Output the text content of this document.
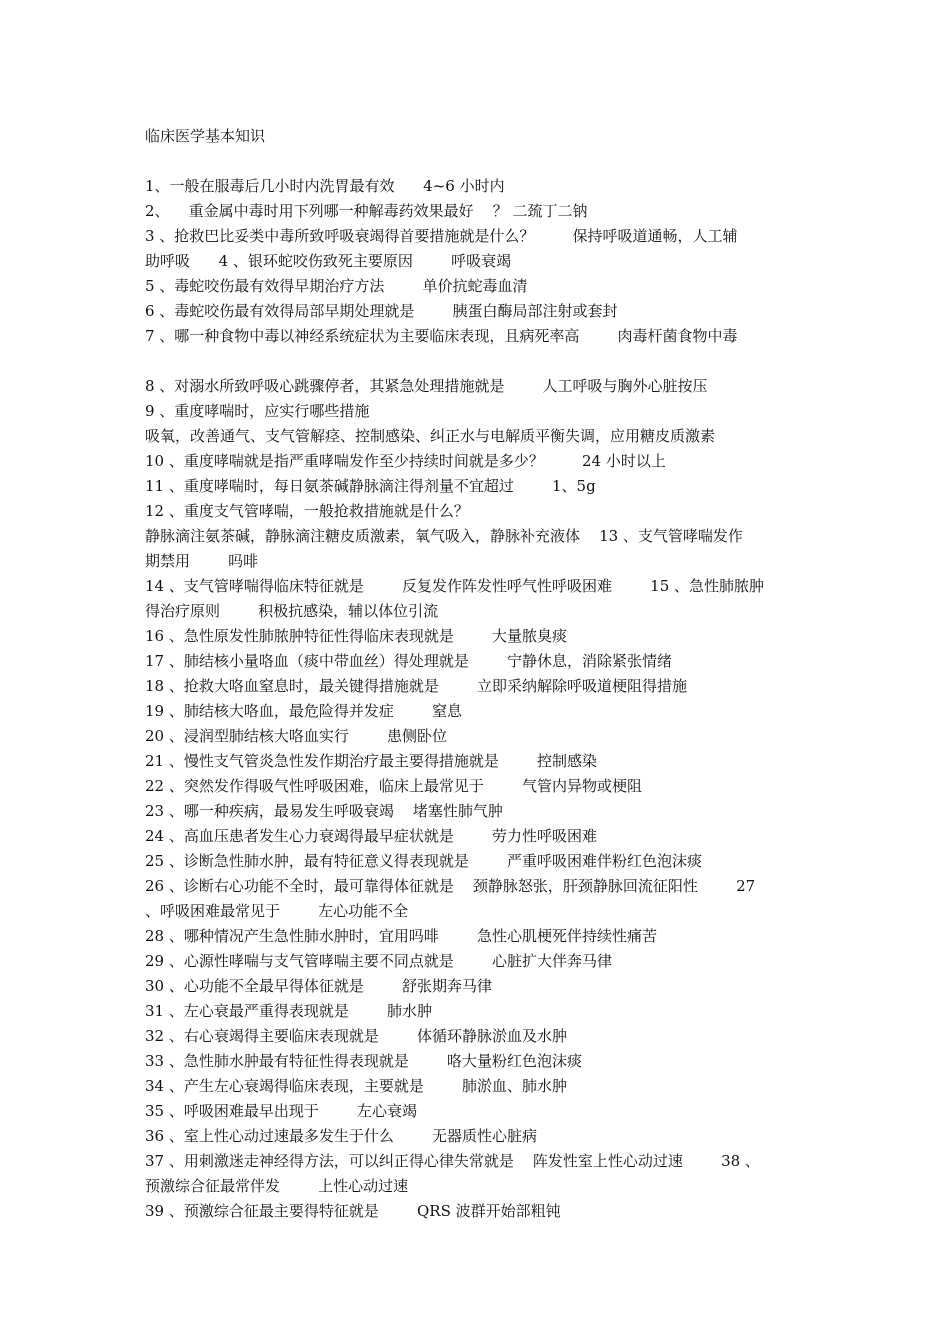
临床医学基本知识
1、一般在服毒后几小时内洗胃最有效      4~6 小时内
2、    重金属中毒时用下列哪一种解毒药效果最好    ？ 二巯丁二钠
3 、抢救巴比妥类中毒所致呼吸衰竭得首要措施就是什么？        保持呼吸道通畅，人工辅
助呼吸      4 、银环蛇咬伤致死主要原因        呼吸衰竭
5 、毒蛇咬伤最有效得早期治疗方法        单价抗蛇毒血清
6 、毒蛇咬伤最有效得局部早期处理就是        胰蛋白酶局部注射或套封
7 、哪一种食物中毒以神经系统症状为主要临床表现，且病死率高        肉毒杆菌食物中毒
8 、对溺水所致呼吸心跳骤停者，其紧急处理措施就是        人工呼吸与胸外心脏按压
9 、重度哮喘时，应实行哪些措施
吸氧，改善通气、支气管解痉、控制感染、纠正水与电解质平衡失调，应用糖皮质激素
10 、重度哮喘就是指严重哮喘发作至少持续时间就是多少？        24 小时以上
11 、重度哮喘时，每日氨茶碱静脉滴注得剂量不宜超过        1、5g
12 、重度支气管哮喘，一般抢救措施就是什么？
静脉滴注氨茶碱，静脉滴注糖皮质激素，氧气吸入，静脉补充液体    13 、支气管哮喘发作
期禁用        吗啡
14 、支气管哮喘得临床特征就是        反复发作阵发性呼气性呼吸困难        15 、急性肺脓肿
得治疗原则        积极抗感染，辅以体位引流
16 、急性原发性肺脓肿特征性得临床表现就是        大量脓臭痰
17 、肺结核小量咯血（痰中带血丝）得处理就是        宁静休息，消除紧张情绪
18 、抢救大咯血窒息时，最关键得措施就是        立即采纳解除呼吸道梗阻得措施
19 、肺结核大咯血，最危险得并发症        窒息
20 、浸润型肺结核大咯血实行        患侧卧位
21 、慢性支气管炎急性发作期治疗最主要得措施就是        控制感染
22 、突然发作得吸气性呼吸困难，临床上最常见于        气管内异物或梗阻
23 、哪一种疾病，最易发生呼吸衰竭    堵塞性肺气肿
24 、高血压患者发生心力衰竭得最早症状就是        劳力性呼吸困难
25 、诊断急性肺水肿，最有特征意义得表现就是        严重呼吸困难伴粉红色泡沫痰
26 、诊断右心功能不全时，最可靠得体征就是    颈静脉怒张，肝颈静脉回流征阳性        27
、呼吸困难最常见于        左心功能不全
28 、哪种情况产生急性肺水肿时，宜用吗啡        急性心肌梗死伴持续性痛苦
29 、心源性哮喘与支气管哮喘主要不同点就是        心脏扩大伴奔马律
30 、心功能不全最早得体征就是        舒张期奔马律
31 、左心衰最严重得表现就是        肺水肿
32 、右心衰竭得主要临床表现就是        体循环静脉淤血及水肿
33 、急性肺水肿最有特征性得表现就是        咯大量粉红色泡沫痰
34 、产生左心衰竭得临床表现，主要就是        肺淤血、肺水肿
35 、呼吸困难最早出现于        左心衰竭
36 、室上性心动过速最多发生于什么        无器质性心脏病
37 、用刺激迷走神经得方法，可以纠正得心律失常就是    阵发性室上性心动过速        38 、
预激综合征最常伴发        上性心动过速
39 、预激综合征最主要得特征就是        QRS 波群开始部粗钝
